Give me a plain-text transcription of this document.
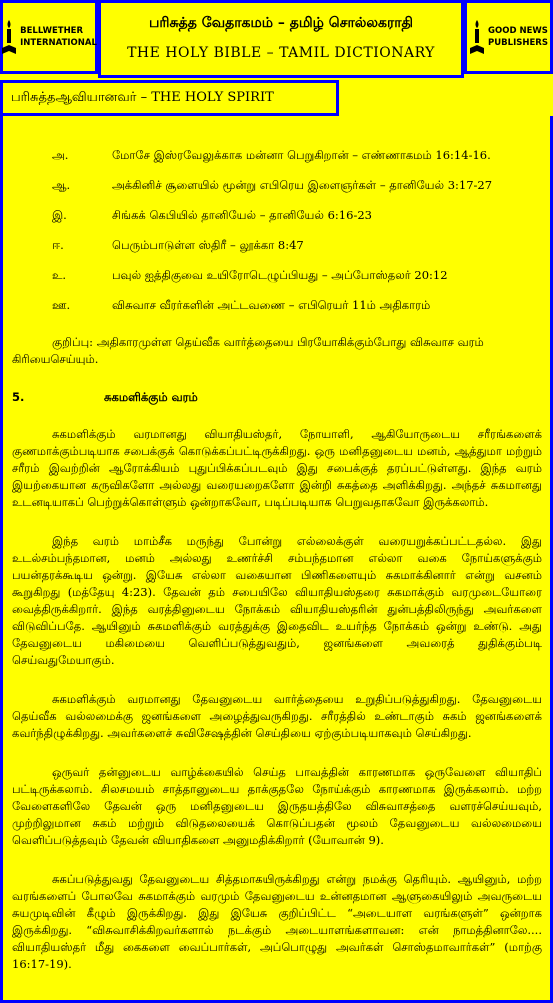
BELLWETHER
INTERNATIONAL
பரிசுத்த வேதாகமம் – தமிழ் சொல்லகராதி
THE HOLY BIBLE – TAMIL DICTIONARY
GOOD NEWS
PUBLISHERS
பரிசுத்தஆவியானவர் – THE HOLY SPIRIT
அ.	மோசே இஸ்ரவேலுக்காக மன்னா பெறுகிறான் – எண்ணாகமம் 16:14-16.
ஆ.	அக்கினிச் சூளையில் மூன்று எபிரெய இளைஞர்கள் – தானியேல் 3:17-27
இ.	சிங்கக் கெபியில் தானியேல் – தானியேல் 6:16-23
ஈ.	பெரும்பாடுள்ள ஸ்திரீ – லூக்கா 8:47
உ.	பவுல் ஐத்திகுவை உயிரோடெழுப்பியது – அப்போஸ்தலர் 20:12
ஊ.	விசுவாச வீரர்களின் அட்டவணை – எபிரெயர் 11ம் அதிகாரம்

குறிப்பு: அதிகாரமுள்ள தெய்வீக வார்த்தையை பிரயோகிக்கும்போது விசுவாச வரம் கிரியைசெய்யும்.

5.	சுகமளிக்கும் வரம்

சுகமளிக்கும் வரமானது வியாதியஸ்தர், நோயாளி, ஆகியோருடைய சரீரங்களைக் குணமாக்கும்படியாக சபைக்குக் கொடுக்கப்பட்டிருக்கிறது. ஒரு மனிதனுடைய மனம், ஆத்துமா மற்றும் சரீரம் இவற்றின் ஆரோக்கியம் புதுப்பிக்கப்படவும் இது சபைக்குத் தரப்பட்டுள்ளது. இந்த வரம் இயற்கையான கருவிகளோ அல்லது வரையறைகளோ இன்றி சுகத்தை அளிக்கிறது. அந்தச் சுகமானது உடனடியாகப் பெற்றுக்கொள்ளும் ஒன்றாகவோ, படிப்படியாக பெறுவதாகவோ இருக்கலாம்.

இந்த வரம் மாம்சீக மருந்து போன்று எல்லைக்குள் வரையறுக்கப்பட்டதல்ல. இது உடல்சம்பந்தமான, மனம் அல்லது உணர்ச்சி சம்பந்தமான எல்லா வகை நோய்களுக்கும் பயன்தரக்கூடிய ஒன்று. இயேசு எல்லா வகையான பிணிகளையும் சுகமாக்கினார் என்று வசனம் கூறுகிறது (மத்தேயு 4:23). தேவன் தம் சபையிலே வியாதியஸ்தரை சுகமாக்கும் வரமுடையோரை வைத்திருக்கிறார். இந்த வரத்தினுடைய நோக்கம் வியாதியஸ்தரின் துன்பத்திலிருந்து அவர்களை விடுவிப்பதே. ஆயினும் சுகமளிக்கும் வரத்துக்கு இதைவிட உயர்ந்த நோக்கம் ஒன்று உண்டு. அது தேவனுடைய மகிமையை வெளிப்படுத்துவதும், ஜனங்களை அவரைத் துதிக்கும்படி செய்வதுமேயாகும்.

சுகமளிக்கும் வரமானது தேவனுடைய வார்த்தையை உறுதிப்படுத்துகிறது. தேவனுடைய தெய்வீக வல்லமைக்கு ஜனங்களை அழைத்துவருகிறது. சரீரத்தில் உண்டாகும் சுகம் ஜனங்களைக் கவர்ந்திழுக்கிறது. அவர்களைச் சுவிசேஷத்தின் செய்தியை ஏற்கும்படியாகவும் செய்கிறது.

ஒருவர் தன்னுடைய வாழ்க்கையில் செய்த பாவத்தின் காரணமாக ஒருவேளை வியாதிப் பட்டிருக்கலாம். சிலசமயம் சாத்தானுடைய தாக்குதலே நோய்க்கும் காரணமாக இருக்கலாம். மற்ற வேளைகளிலே தேவன் ஒரு மனிதனுடைய இருதயத்திலே விசுவாசத்தை வளரச்செய்யவும், முற்றிலுமான சுகம் மற்றும் விடுதலையைக் கொடுப்பதன் மூலம் தேவனுடைய வல்லமையை வெளிப்படுத்தவும் தேவன் வியாதிகளை அனுமதிக்கிறார் (யோவான் 9).

சுகப்படுத்துவது தேவனுடைய சித்தமாகயிருக்கிறது என்று நமக்கு தெரியும். ஆயினும், மற்ற வரங்களைப் போலவே சுகமாக்கும் வரமும் தேவனுடைய உன்னதமான ஆளுகையிலும் அவருடைய சுயமுடிவின் கீழும் இருக்கிறது. இது இயேசு குறிப்பிட்ட “அடையாள வரங்களுள்” ஒன்றாக இருக்கிறது. “விசுவாசிக்கிறவர்களால் நடக்கும் அடையாளங்களாவன: என் நாமத்தினாலே.... வியாதியஸ்தர் மீது கைகளை வைப்பார்கள், அப்பொழுது அவர்கள் சொஸ்தமாவார்கள்” (மாற்கு 16:17-19).
